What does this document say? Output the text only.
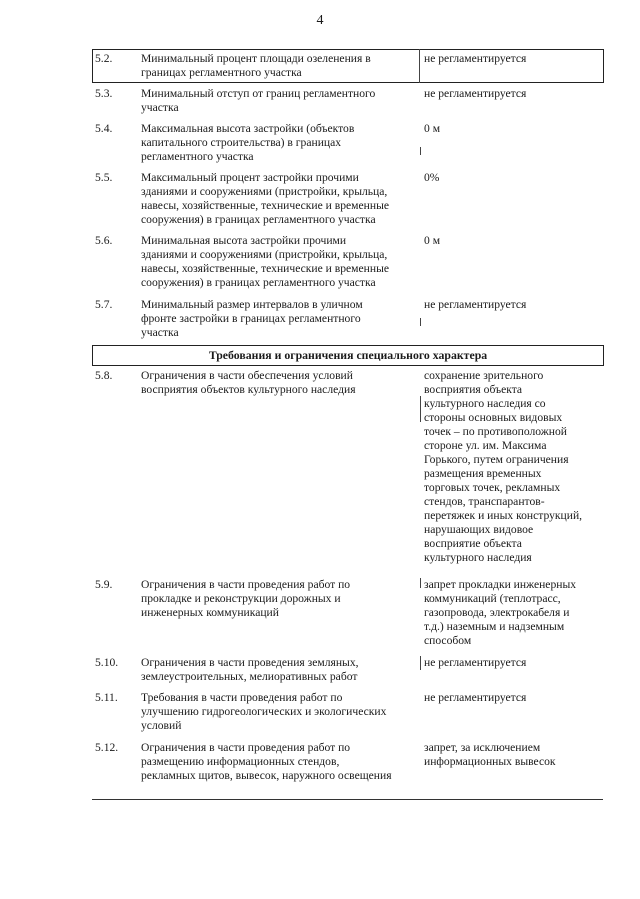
4
5.2. Минимальный процент площади озеленения в
границах регламентного участка
не регламентируется
5.3. Минимальный отступ от границ регламентного
участка
не регламентируется
5.4. Максимальная высота застройки (объектов
капитального строительства) в границах
регламентного участка
0 м
5.5. Максимальный процент застройки прочими
зданиями и сооружениями (пристройки, крыльца,
навесы, хозяйственные, технические и временные
сооружения) в границах регламентного участка
0%
5.6. Минимальная высота застройки прочими
зданиями и сооружениями (пристройки, крыльца,
навесы, хозяйственные, технические и временные
сооружения) в границах регламентного участка
0 м
5.7. Минимальный размер интервалов в уличном
фронте застройки в границах регламентного
участка
не регламентируется
Требования и ограничения специального характера
5.8. Ограничения в части обеспечения условий
восприятия объектов культурного наследия
сохранение зрительного
восприятия объекта
культурного наследия со
стороны основных видовых
точек – по противоположной
стороне ул. им. Максима
Горького, путем ограничения
размещения временных
торговых точек, рекламных
стендов, транспарантов-
перетяжек и иных конструкций,
нарушающих видовое
восприятие объекта
культурного наследия
5.9. Ограничения в части проведения работ по
прокладке и реконструкции дорожных и
инженерных коммуникаций
запрет прокладки инженерных
коммуникаций (теплотрасс,
газопровода, электрокабеля и
т.д.) наземным и надземным
способом
5.10. Ограничения в части проведения земляных,
землеустроительных, мелиоративных работ
не регламентируется
5.11. Требования в части проведения работ по
улучшению гидрогеологических и экологических
условий
не регламентируется
5.12. Ограничения в части проведения работ по
размещению информационных стендов,
рекламных щитов, вывесок, наружного освещения
запрет, за исключением
информационных вывесок
